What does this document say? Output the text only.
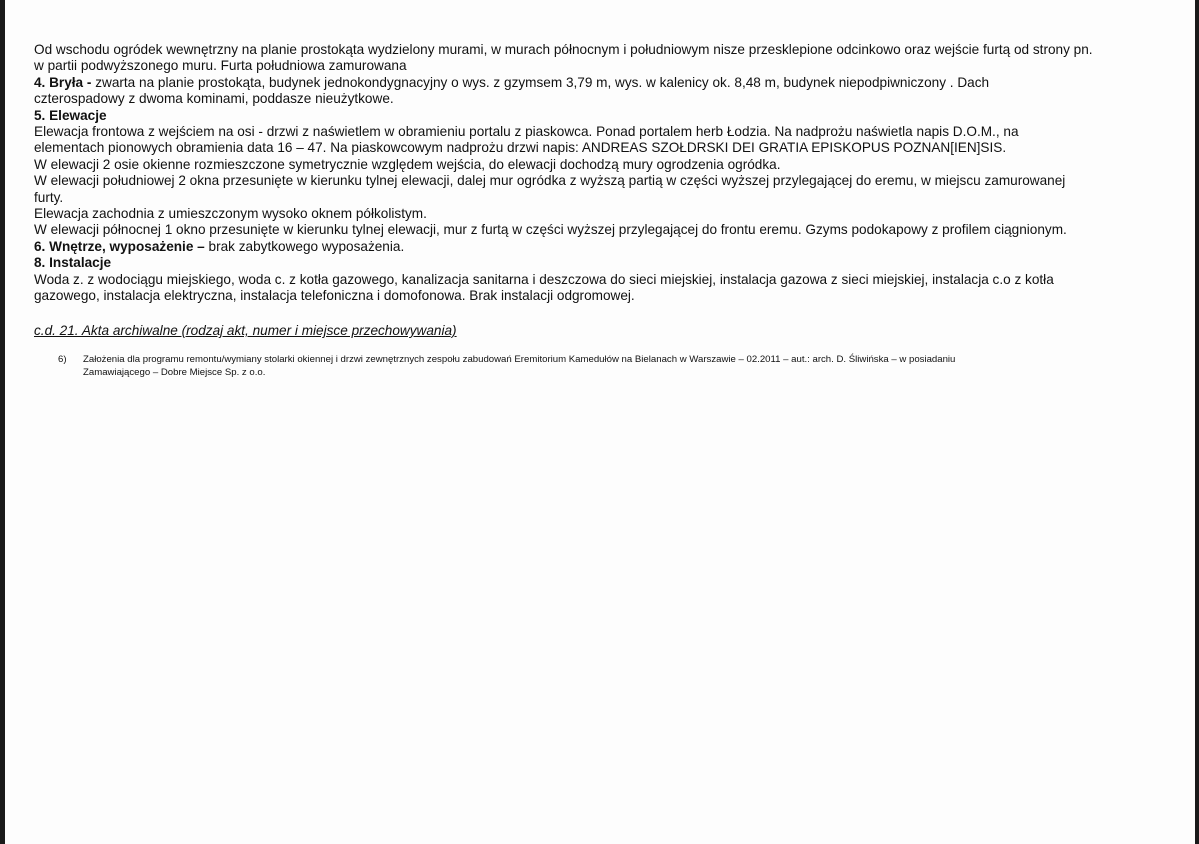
Od wschodu ogródek wewnętrzny na planie prostokąta wydzielony murami, w murach północnym i południowym nisze przesklepione odcinkowo oraz wejście furtą od strony pn.
w partii podwyższonego muru. Furta południowa zamurowana
4. Bryła - zwarta na planie prostokąta, budynek jednokondygnacyjny o wys. z gzymsem 3,79 m, wys. w kalenicy ok. 8,48 m, budynek niepodpiwniczony . Dach
czterospadowy z dwoma kominami, poddasze nieużytkowe.
5. Elewacje
Elewacja frontowa z wejściem na osi - drzwi z naświetlem w obramieniu portalu z piaskowca. Ponad portalem herb Łodzia. Na nadprożu naświetla napis D.O.M., na
elementach pionowych obramienia data 16 – 47. Na piaskowcowym nadprożu drzwi napis: ANDREAS SZOŁDRSKI DEI GRATIA EPISKOPUS POZNAN[IEN]SIS.
W elewacji 2 osie okienne rozmieszczone symetrycznie względem wejścia, do elewacji dochodzą mury ogrodzenia ogródka.
W elewacji południowej 2 okna przesunięte w kierunku tylnej elewacji, dalej mur ogródka z wyższą partią w części wyższej przylegającej do eremu, w miejscu zamurowanej
furty.
Elewacja zachodnia z umieszczonym wysoko oknem półkolistym.
W elewacji północnej 1 okno przesunięte w kierunku tylnej elewacji, mur z furtą w części wyższej przylegającej do frontu eremu. Gzyms podokapowy z profilem ciągnionym.
6. Wnętrze, wyposażenie – brak zabytkowego wyposażenia.
8. Instalacje
Woda z. z wodociągu miejskiego, woda c. z kotła gazowego, kanalizacja sanitarna i deszczowa do sieci miejskiej, instalacja gazowa z sieci miejskiej, instalacja c.o z kotła
gazowego, instalacja elektryczna, instalacja telefoniczna i domofonowa. Brak instalacji odgromowej.
c.d. 21. Akta archiwalne (rodzaj akt, numer i miejsce przechowywania)
6) Założenia dla programu remontu/wymiany stolarki okiennej i drzwi zewnętrznych zespołu zabudowań Eremitorium Kamedułów na Bielanach w Warszawie – 02.2011 – aut.: arch. D. Śliwińska – w posiadaniu
Zamawiającego – Dobre Miejsce Sp. z o.o.
